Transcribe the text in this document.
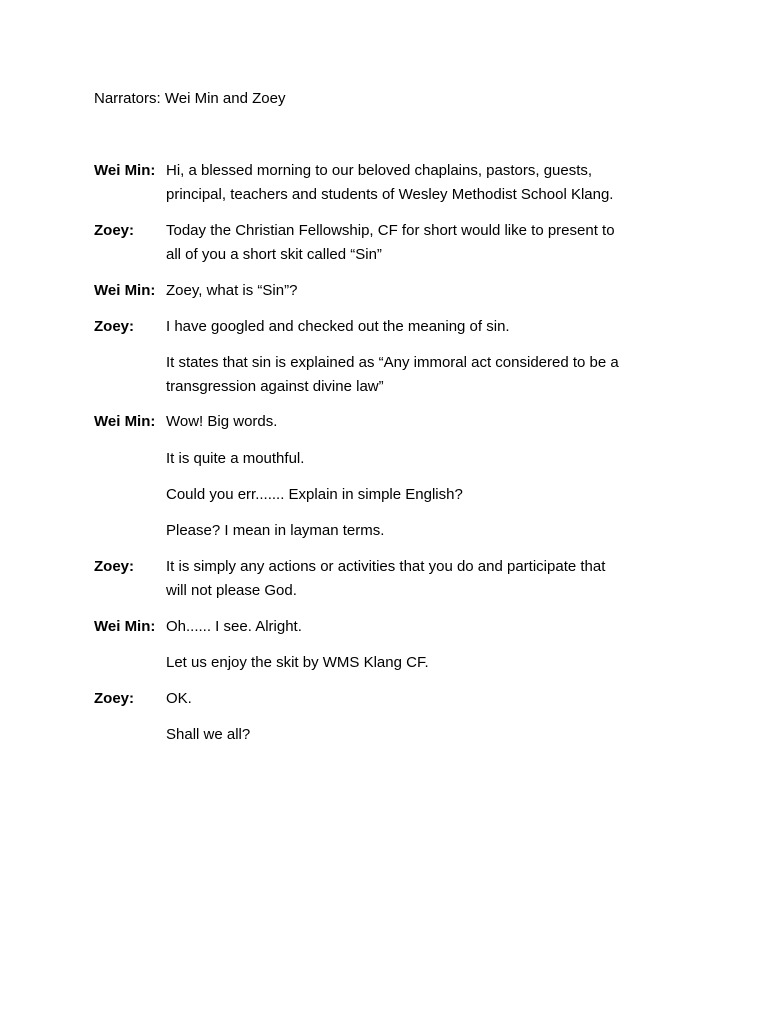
Narrators: Wei Min and Zoey
Wei Min: Hi, a blessed morning to our beloved chaplains, pastors, guests,
principal, teachers and students of Wesley Methodist School Klang.
Zoey: Today the Christian Fellowship, CF for short would like to present to
all of you a short skit called “Sin”
Wei Min: Zoey, what is “Sin”?
Zoey: I have googled and checked out the meaning of sin.
It states that sin is explained as “Any immoral act considered to be a
transgression against divine law”
Wei Min: Wow! Big words.
It is quite a mouthful.
Could you err....... Explain in simple English?
Please? I mean in layman terms.
Zoey: It is simply any actions or activities that you do and participate that
will not please God.
Wei Min: Oh...... I see. Alright.
Let us enjoy the skit by WMS Klang CF.
Zoey: OK.
Shall we all?
